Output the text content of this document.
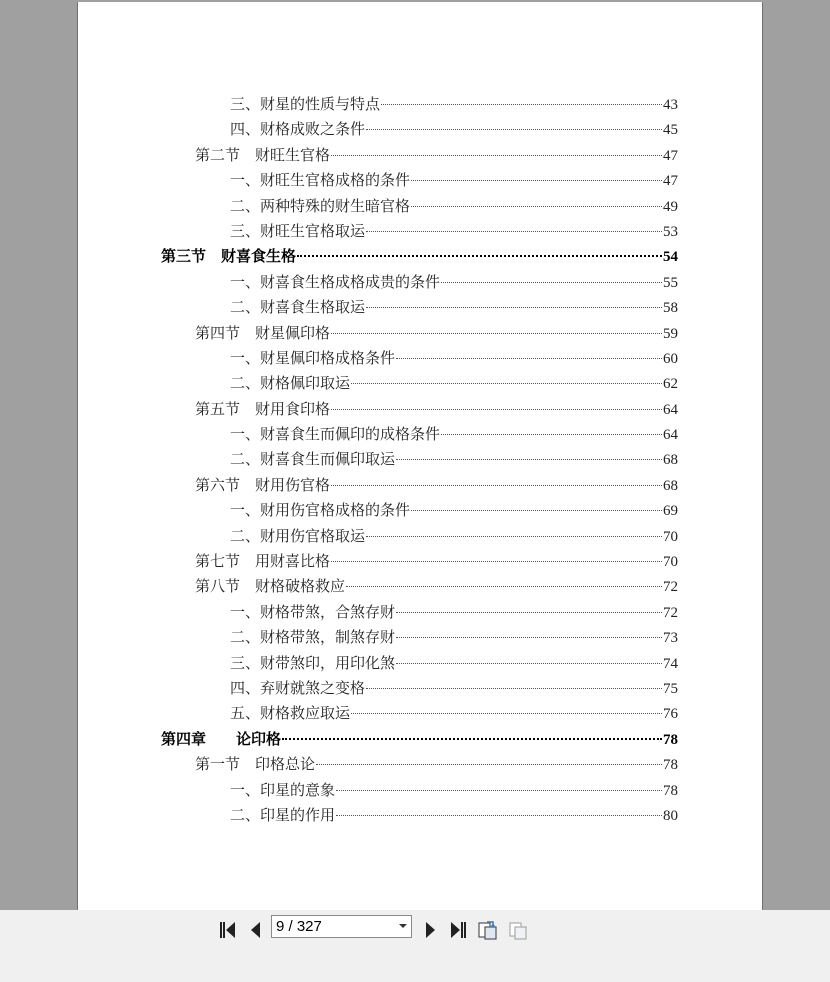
三、财星的性质与特点	43
四、财格成败之条件	45
第二节　财旺生官格	47
一、财旺生官格成格的条件	47
二、两种特殊的财生暗官格	49
三、财旺生官格取运	53
第三节　财喜食生格	54
一、财喜食生格成格成贵的条件	55
二、财喜食生格取运	58
第四节　财星佩印格	59
一、财星佩印格成格条件	60
二、财格佩印取运	62
第五节　财用食印格	64
一、财喜食生而佩印的成格条件	64
二、财喜食生而佩印取运	68
第六节　财用伤官格	68
一、财用伤官格成格的条件	69
二、财用伤官格取运	70
第七节　用财喜比格	70
第八节　财格破格救应	72
一、财格带煞，合煞存财	72
二、财格带煞，制煞存财	73
三、财带煞印，用印化煞	74
四、弃财就煞之变格	75
五、财格救应取运	76
第四章　　论印格	78
第一节　印格总论	78
一、印星的意象	78
二、印星的作用	80
9 / 327
